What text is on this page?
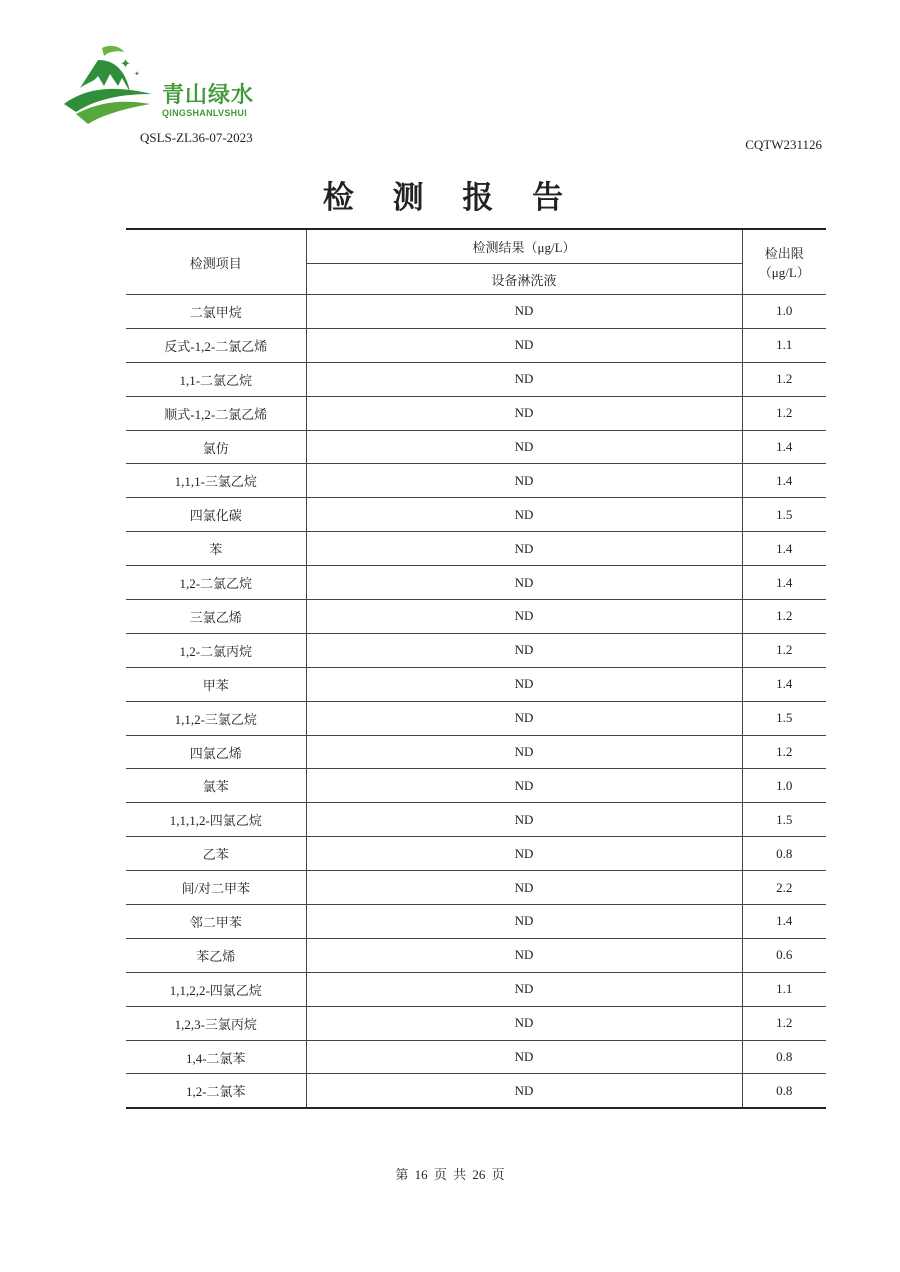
✦
✦
青山绿水
QINGSHANLVSHUI
QSLS-ZL36-07-2023	CQTW231126
检 测 报 告
检测项目	检测结果（μg/L）	检出限
（μg/L）

	设备淋洗液	
二氯甲烷	ND	1.0
反式-1,2-二氯乙烯	ND	1.1
1,1-二氯乙烷	ND	1.2
顺式-1,2-二氯乙烯	ND	1.2
氯仿	ND	1.4
1,1,1-三氯乙烷	ND	1.4
四氯化碳	ND	1.5
苯	ND	1.4
1,2-二氯乙烷	ND	1.4
三氯乙烯	ND	1.2
1,2-二氯丙烷	ND	1.2
甲苯	ND	1.4
1,1,2-三氯乙烷	ND	1.5
四氯乙烯	ND	1.2
氯苯	ND	1.0
1,1,1,2-四氯乙烷	ND	1.5
乙苯	ND	0.8
间/对二甲苯	ND	2.2
邻二甲苯	ND	1.4
苯乙烯	ND	0.6
1,1,2,2-四氯乙烷	ND	1.1
1,2,3-三氯丙烷	ND	1.2
1,4-二氯苯	ND	0.8
1,2-二氯苯	ND	0.8
第 16 页 共 26 页
